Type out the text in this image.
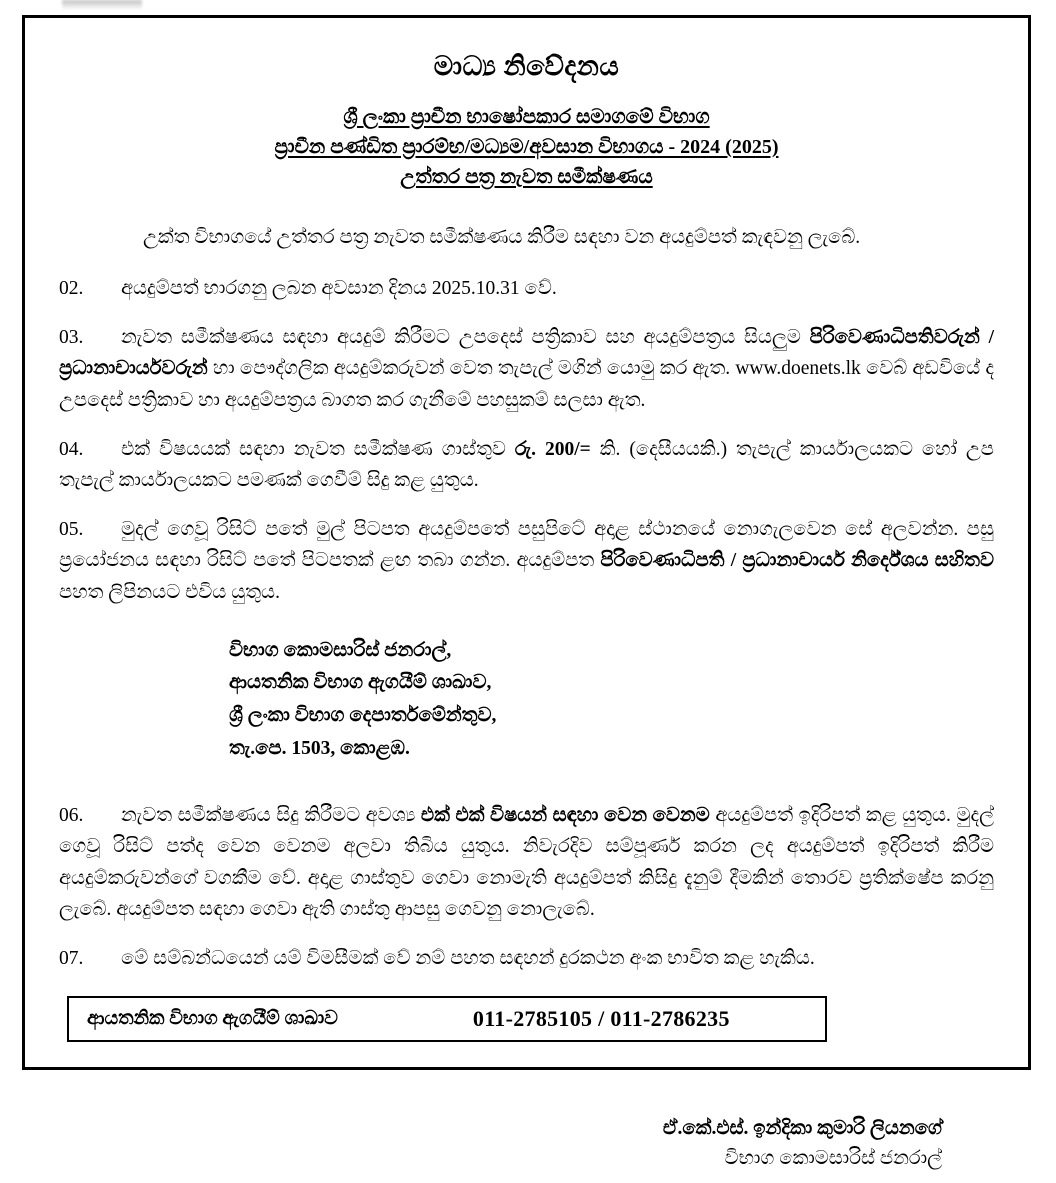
මාධ්‍ය නිවේදනය
ශ්‍රී ලංකා ප්‍රාචීන භාෂෝපකාර සමාගමේ විභාග
ප්‍රාචීන පණ්ඩිත ප්‍රාරම්භ/මධ්‍යම/අවසාන විභාගය - 2024 (2025)
උත්තර පත්‍ර නැවත සමීක්ෂණය

උක්ත විභාගයේ උත්තර පත්‍ර නැවත සමීක්ෂණය කිරීම සඳහා වන අයදුම්පත් කැඳවනු ලැබේ.

02. අයදුම්පත් භාරගනු ලබන අවසාන දිනය 2025.10.31 වේ.

03. නැවත සමීක්ෂණය සඳහා අයදුම් කිරීමට උපදෙස් පත්‍රිකාව සහ අයදුම්පත්‍රය සියලුම පිරිවෙණාධිපතිවරුන් / ප්‍රධානාචාර්යවරුන් හා පෞද්ගලික අයදුම්කරුවන් වෙත තැපැල් මගින් යොමු කර ඇත. www.doenets.lk වෙබ් අඩවියේ ද උපදෙස් පත්‍රිකාව හා අයදුම්පත්‍රය බාගත කර ගැනීමේ පහසුකම් සලසා ඇත.

04. එක් විෂයයක් සඳහා නැවත සමීක්ෂණ ගාස්තුව රු. 200/= කි. (දෙසීයයකි.) තැපැල් කාර්යාලයකට හෝ උප තැපැල් කාර්යාලයකට පමණක් ගෙවීම් සිදු කළ යුතුය.

05. මුදල් ගෙවූ රිසිට් පතේ මුල් පිටපත අයදුම්පතේ පසුපිටේ අදාළ ස්ථානයේ නොගැලවෙන සේ අලවන්න. පසු ප්‍රයෝජනය සඳහා රිසිට් පතේ පිටපතක් ළඟ තබා ගන්න. අයදුම්පත පිරිවෙණාධිපති / ප්‍රධානාචාර්ය නිර්දේශය සහිතව පහත ලිපිනයට එවිය යුතුය.

විභාග කොමසාරිස් ජනරාල්,
ආයතනික විභාග ඇගයීම් ශාඛාව,
ශ්‍රී ලංකා විභාග දෙපාර්තමේන්තුව,
තැ.පෙ. 1503, කොළඹ.

06. නැවත සමීක්ෂණය සිදු කිරීමට අවශ්‍ය එක් එක් විෂයන් සඳහා වෙන වෙනම අයදුම්පත් ඉදිරිපත් කළ යුතුය. මුදල් ගෙවූ රිසිට් පත්ද වෙන වෙනම අලවා තිබිය යුතුය. නිවැරදිව සම්පූර්ණ කරන ලද අයදුම්පත් ඉදිරිපත් කිරීම අයදුම්කරුවන්ගේ වගකීම වේ. අදාළ ගාස්තුව ගෙවා නොමැති අයදුම්පත් කිසිදු දැනුම් දීමකින් තොරව ප්‍රතික්ෂේප කරනු ලැබේ. අයදුම්පත සඳහා ගෙවා ඇති ගාස්තු ආපසු ගෙවනු නොලැබේ.

07. මේ සම්බන්ධයෙන් යම් විමසීමක් වේ නම් පහත සඳහන් දුරකථන අංක භාවිත කළ හැකිය.

ආයතනික විභාග ඇගයීම් ශාඛාව	011-2785105 / 011-2786235
ඒ.කේ.එස්. ඉන්දිකා කුමාරි ලියනගේ
විභාග කොමසාරිස් ජනරාල්
